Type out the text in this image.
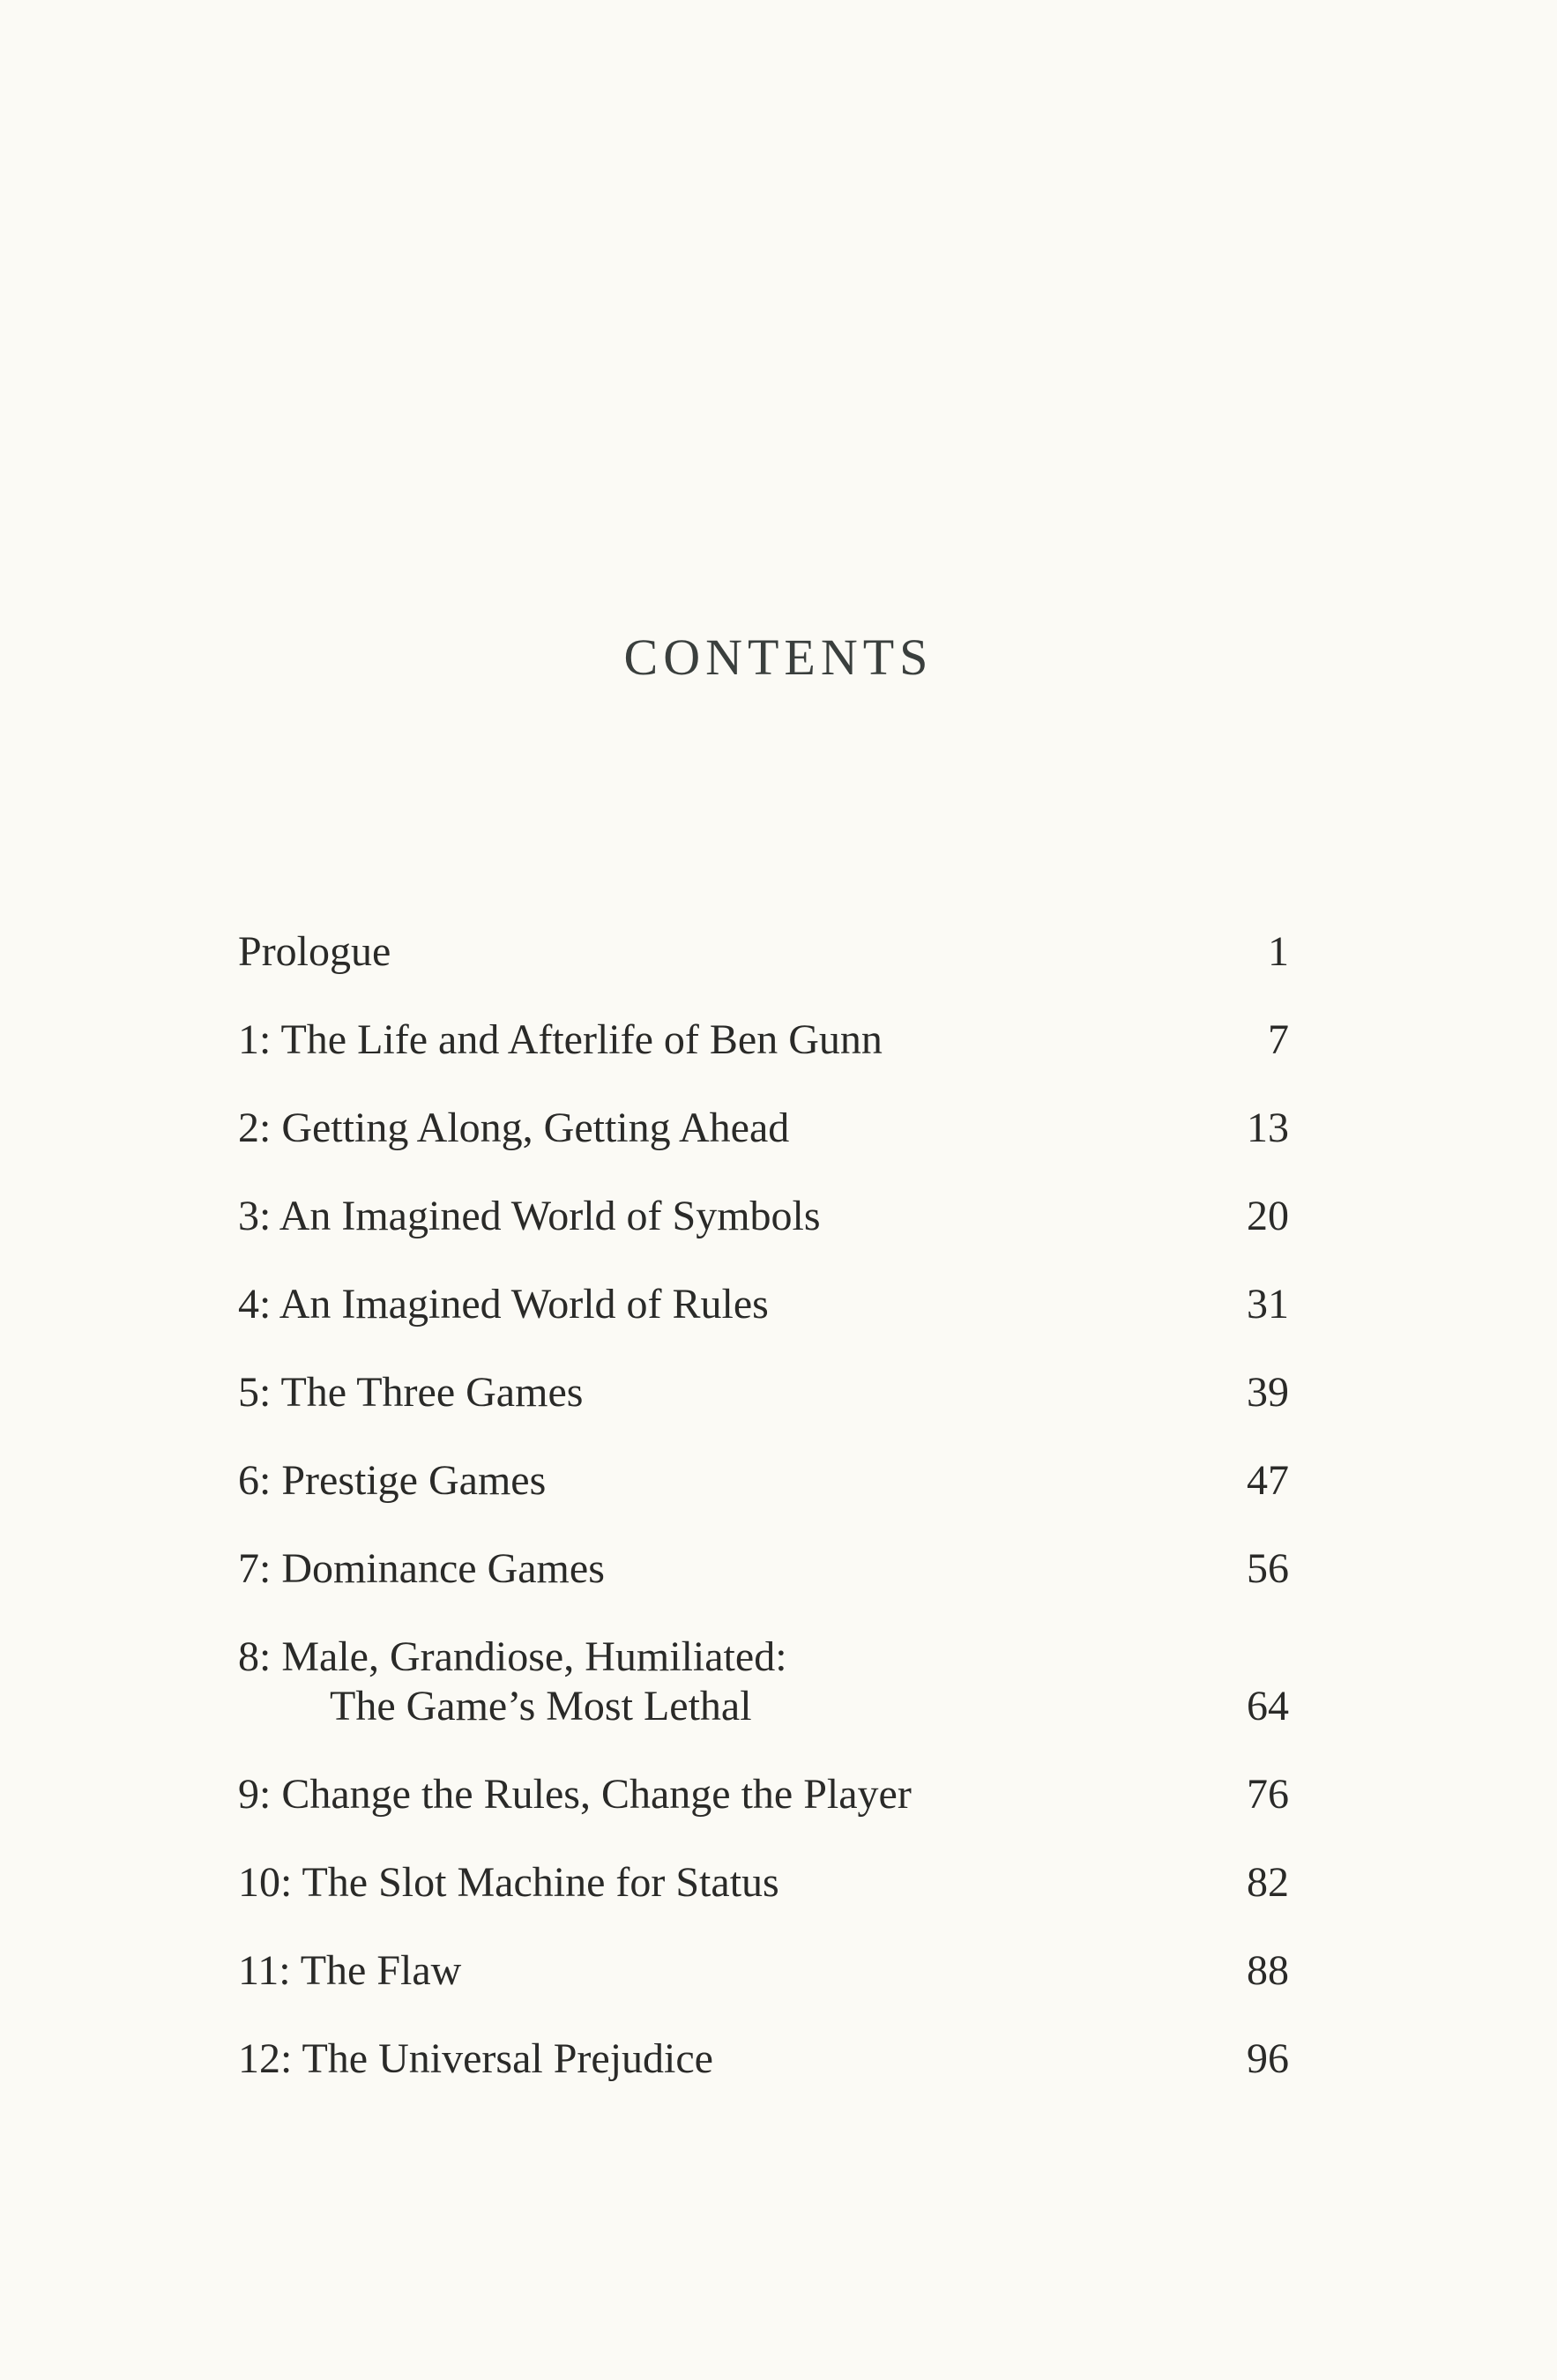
CONTENTS
Prologue	1
1: The Life and Afterlife of Ben Gunn	7
2: Getting Along, Getting Ahead	13
3: An Imagined World of Symbols	20
4: An Imagined World of Rules	31
5: The Three Games	39
6: Prestige Games	47
7: Dominance Games	56
8: Male, Grandiose, Humiliated:
The Game’s Most Lethal	64
9: Change the Rules, Change the Player	76
10: The Slot Machine for Status	82
11: The Flaw	88
12: The Universal Prejudice	96
